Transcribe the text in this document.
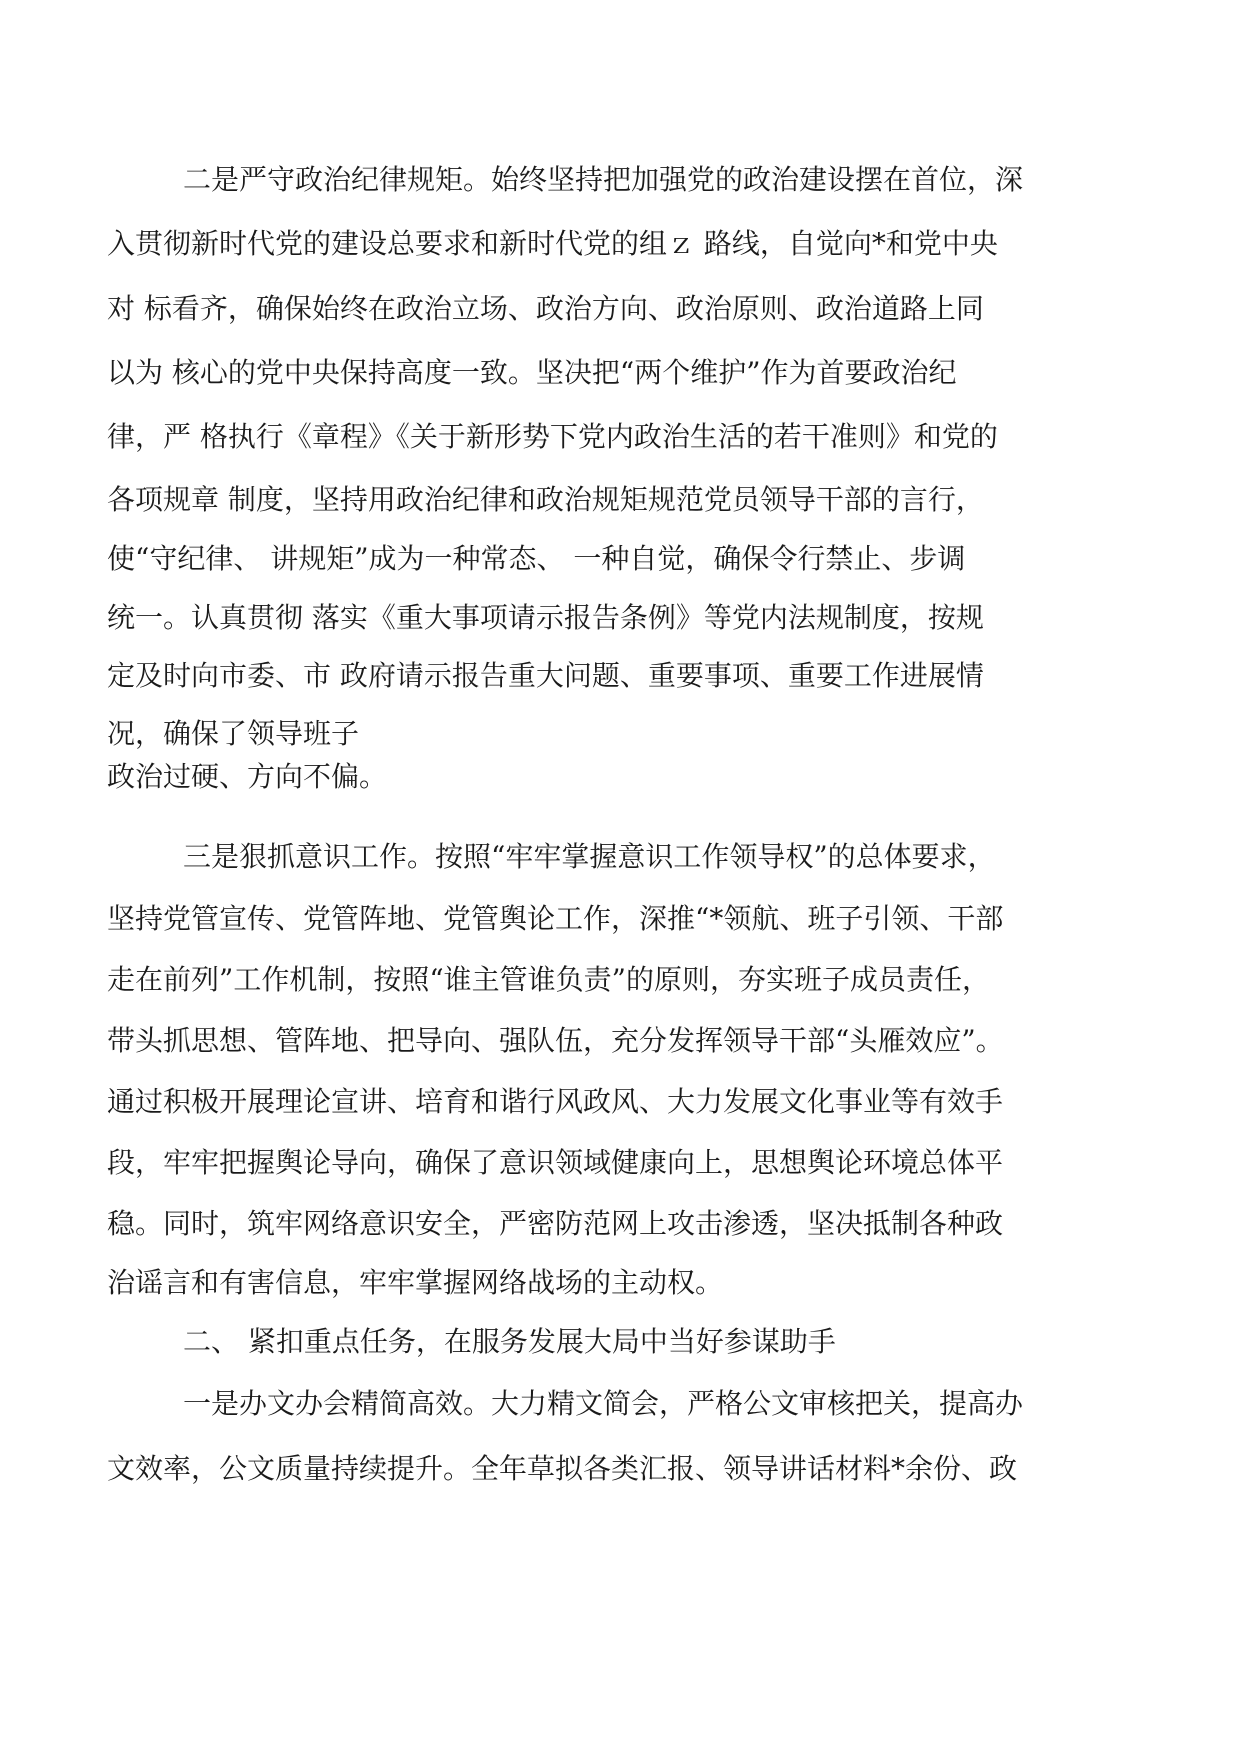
二是严守政治纪律规矩。始终坚持把加强党的政治建设摆在首位，深
入贯彻新时代党的建设总要求和新时代党的组ｚ 路线，自觉向*和党中央
对 标看齐，确保始终在政治立场、政治方向、政治原则、政治道路上同
以为 核心的党中央保持高度一致。坚决把“两个维护”作为首要政治纪
律，严 格执行《章程》《关于新形势下党内政治生活的若干准则》和党的
各项规章 制度，坚持用政治纪律和政治规矩规范党员领导干部的言行，
使“守纪律、 讲规矩”成为一种常态、 一种自觉，确保令行禁止、步调
统一。认真贯彻 落实《重大事项请示报告条例》等党内法规制度，按规
定及时向市委、市 政府请示报告重大问题、重要事项、重要工作进展情
况，确保了领导班子
政治过硬、方向不偏。
三是狠抓意识工作。按照“牢牢掌握意识工作领导权”的总体要求，
坚持党管宣传、党管阵地、党管舆论工作，深推“*领航、班子引领、干部
走在前列”工作机制，按照“谁主管谁负责”的原则，夯实班子成员责任，
带头抓思想、管阵地、把导向、强队伍，充分发挥领导干部“头雁效应”。
通过积极开展理论宣讲、培育和谐行风政风、大力发展文化事业等有效手
段，牢牢把握舆论导向，确保了意识领域健康向上，思想舆论环境总体平
稳。同时，筑牢网络意识安全，严密防范网上攻击渗透，坚决抵制各种政
治谣言和有害信息，牢牢掌握网络战场的主动权。
二、 紧扣重点任务，在服务发展大局中当好参谋助手
一是办文办会精简高效。大力精文简会，严格公文审核把关，提高办
文效率，公文质量持续提升。全年草拟各类汇报、领导讲话材料*余份、政
